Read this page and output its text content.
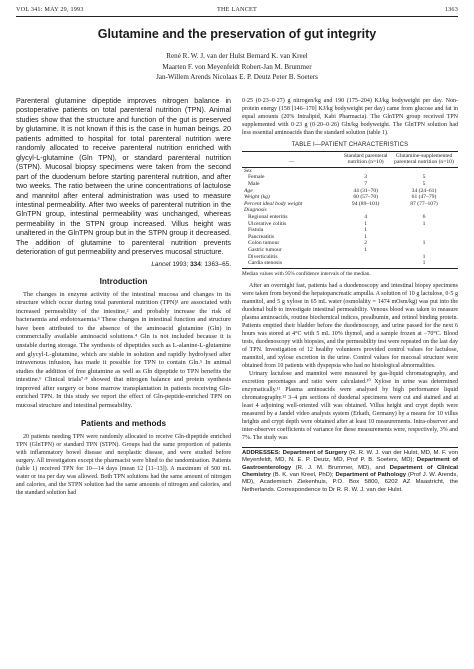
VOL 341: MAY 29, 1993	THE LANCET	1363
Glutamine and the preservation of gut integrity
René R. W. J. van der Hulst Bernard K. van Kreel
Maarten F. von Meyenfeldt Robert-Jan M. Brummer
Jan-Willem Arends Nicolaas E. P. Deutz Peter B. Soeters

Parenteral glutamine dipeptide improves nitrogen balance in postoperative patients on total parenteral nutrition (TPN). Animal studies show that the structure and function of the gut is preserved by glutamine. It is not known if this is the case in human beings. 20 patients admitted to hospital for total parenteral nutrition were randomly allocated to receive parenteral nutrition enriched with glycyl-L-glutamine (Gln TPN), or standard parenteral nutrition (STPN). Mucosal biopsy specimens were taken from the second part of the duodenum before starting parenteral nutrition, and after two weeks. The ratio between the urine concentrations of lactulose and mannitol after enteral administration was used to measure intestinal permeability. After two weeks of parenteral nutrition in the GlnTPN group, intestinal permeability was unchanged, whereas permeability in the STPN group increased. Villus height was unaltered in the GlnTPN group but in the STPN group it decreased. The addition of glutamine to parenteral nutrition prevents deterioration of gut permeability and preserves mucosal structure.

Lancet 1993; 334: 1363–65.
Introduction

The changes in enzyme activity of the intestinal mucosa and changes in its structure which occur during total parenteral nutrition (TPN)¹ are associated with increased permeability of the intestine,² and probably increase the risk of bacteraemia and endotoxaemia.³ These changes in intestinal function and structure have been attributed to the absence of the aminoacid glutamine (Gln) in commercially available aminoacid solutions.⁴ Gln is not included because it is unstable during storage. The synthesis of dipeptides such as L-alanine-L-glutamine and glycyl-L-glutamine, which are stable in solution and rapidly hydrolysed after intravenous infusion, has made it possible for TPN to contain Gln.⁵ In animal studies the addition of free glutamine as well as Gln dipeptide to TPN benefits the intestine.⁶ Clinical trials⁷·⁸ showed that nitrogen balance and protein synthesis improved after surgery or bone marrow transplantation in patients receiving Gln-enriched TPN. In this study we report the effect of Gln-peptide-enriched TPN on mucosal structure and intestinal permeability.

Patients and methods

20 patients needing TPN were randomly allocated to receive Gln-dipeptide enriched TPN (GlnTPN) or standard TPN (STPN). Groups had the same proportion of patients with inflammatory bowel disease and neoplastic disease, and were studied before surgery. All investigators except the pharmacist were blind to the randomisation. Patients (table 1) received TPN for 10—14 days (mean 12 [11–13]). A maximum of 500 mL water or tea per day was allowed. Both TPN solutions had the same amount of nitrogen and calories, and the STPN solution had the same amounts of nitrogen and calories, and the standard solution had

0·25 (0·23–0·27) g nitrogen/kg and 190 (175–204) KJ/kg bodyweight per day. Non-protein energy (158 [146–170] KJ/kg bodyweight per day) came from glucose and fat in equal amounts (20% Intralipid, Kabi Pharmacia). The GlnTPN group received TPN supplemented with 0·23 g (0·20–0·26) Gln/kg bodyweight. The GlnTPN solution had less essential aminoacids than the standard solution (table 1).

TABLE I—PATIENT CHARACTERISTICS
—	Standard parenteral nutrition (n=10)	Glutamine-supplemented parenteral nutrition (n=10)
Sex		
Female	3	5
Male	7	5
Age	44 (31–70)	34 (24–61)
Weight (kg)	60 (57–70)	61 (47–79)
Percent ideal body weight	94 (89–101)	87 (77–107)
Diagnosis		
Regional enteritis	4	6
Ulcerative colitis	1	1
Fistula	1	
Pancreatitis	1	
Colon tumour	2	1
Gastric tumour	1	
Diverticulitis		1
Cardia stenosis		1
Median values with 95% confidence intervals of the median.

After an overnight fast, patients had a duodenoscopy and intestinal biopsy specimens were taken from beyond the hepatopancreatic ampulla. A solution of 10 g lactulose, 0·5 g mannitol, and 5 g xylose in 65 mL water (osmolality = 1474 mOsm/kg) was put into the duodenal bulb to investigate intestinal permeability. Venous blood was taken to measure plasma aminoacids, routine biochemical indices, prealbumin, and retinol binding protein. Patients emptied their bladder before the duodenoscopy, and urine passed for the next 6 hours was stored at 4°C with 5 mL 10% thymol, and a sample frozen at −70°C. Blood tests, duodenoscopy with biopsies, and the permeability test were repeated on the last day of TPN. Investigation of 12 healthy volunteers provided control values for lactulose, mannitol, and xylose excretion in the urine. Control values for mucosal structure were obtained from 10 patients with dyspepsia who had no histological abnormalities.

Urinary lactulose and mannitol were measured by gas-liquid chromatography, and excretion percentages and ratio were calculated.¹⁰ Xylose in urine was determined enzymatically.¹¹ Plasma aminoacids were analysed by high performance liquid chromatography.¹² 3–4 µm sections of duodenal specimens were cut and stained and at least 4 adjoining well-oriented villi was obtained. Villus height and crypt depth were measured by a Jandel video analysis system (Erkath, Germany) by a means for 10 villus heights and crypt depth were obtained after at least 10 measurements. Intra-observer and inter-observer coefficients of variance for these measurements were, respectively, 3% and 7%. The study was

ADDRESSES: Department of Surgery (R. R. W. J. van der Hulst, MD, M. F. von Meyenfeldt, MD, N. E. P. Deutz, MD, Prof P. B. Soeters, MD); Department of Gastroenterology (R. J. M. Brummer, MD), and Department of Clinical Chemistry (B. K. van Kreel, PhD); Department of Pathology (Prof J. W. Arends, MD), Academisch Ziekenhuis, P.O. Box 5800, 6202 AZ Maastricht, the Netherlands. Correspondence to Dr R. R. W. J. van der Hulst.
